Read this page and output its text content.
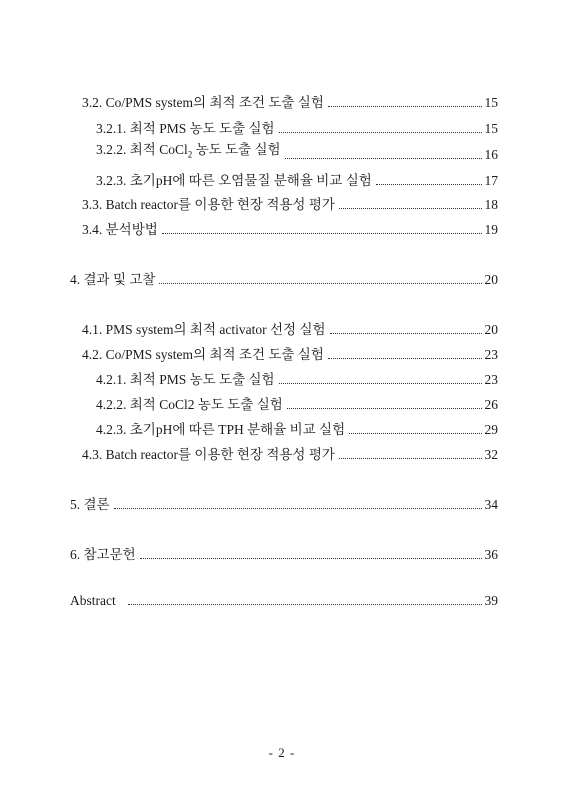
3.2. Co/PMS system의 최적 조건 도출 실험	15
3.2.1. 최적 PMS 농도 도출 실험	15
3.2.2. 최적 CoCl$_2$ 농도 도출 실험	16
3.2.3. 초기pH에 따른 오염물질 분해율 비교 실험	17
3.3. Batch reactor를 이용한 현장 적용성 평가	18
3.4. 분석방법	19
4. 결과 및 고찰	20
4.1. PMS system의 최적 activator 선정 실험	20
4.2. Co/PMS system의 최적 조건 도출 실험	23
4.2.1. 최적 PMS 농도 도출 실험	23
4.2.2. 최적 CoCl2 농도 도출 실험	26
4.2.3. 초기pH에 따른 TPH 분해율 비교 실험	29
4.3. Batch reactor를 이용한 현장 적용성 평가	32
5. 결론	34
6. 참고문헌	36
Abstract	39
- 2 -
